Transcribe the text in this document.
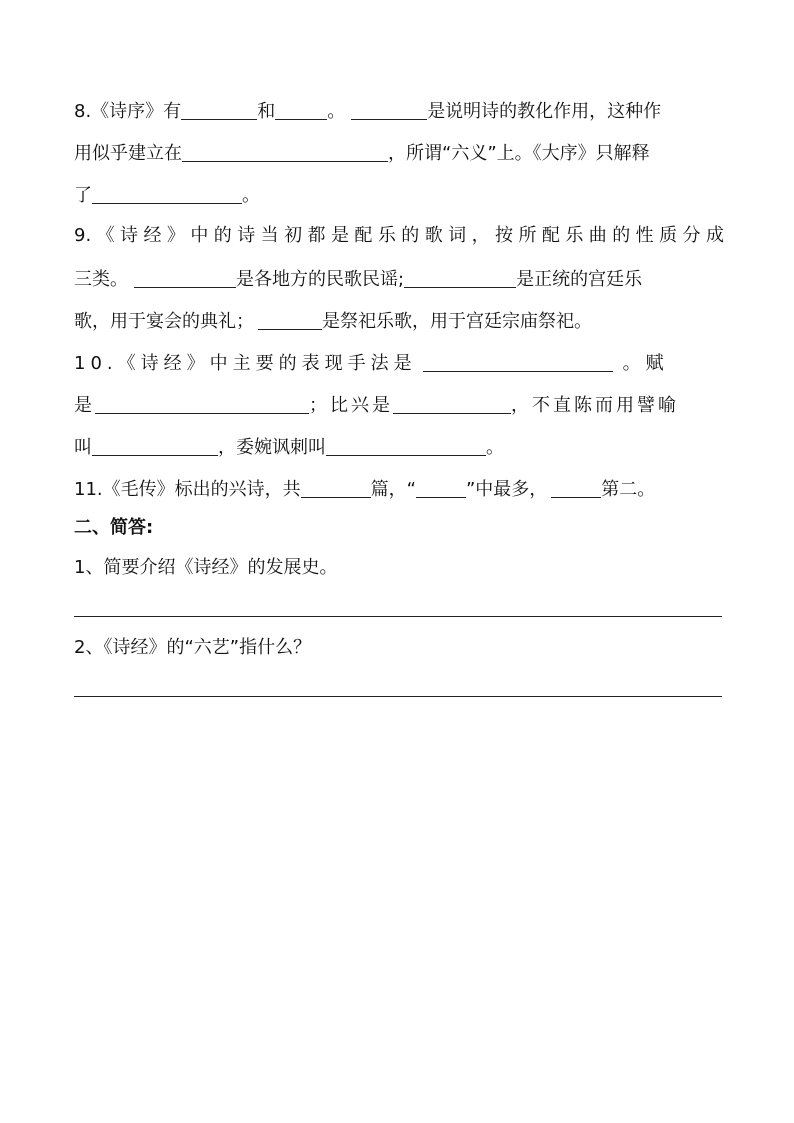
8.《诗序》有	和	。	是说明诗的教化作用，这种作
用似乎建立在	，所谓“六义”上。《大序》只解释
了	。
9.《诗经》中的诗当初都是配乐的歌词，按所配乐曲的性质分成
三类。	是各地方的民歌民谣;	是正统的宫廷乐
歌，用于宴会的典礼；	是祭祀乐歌，用于宫廷宗庙祭祀。
10.《诗经》中主要的表现手法是	。赋
是	；比兴是	，不直陈而用譬喻
叫	，委婉讽刺叫	。
11.《毛传》标出的兴诗，共	篇，“	”中最多，	第二。
二、简答:
1、简要介绍《诗经》的发展史。
2、《诗经》的“六艺”指什么？
